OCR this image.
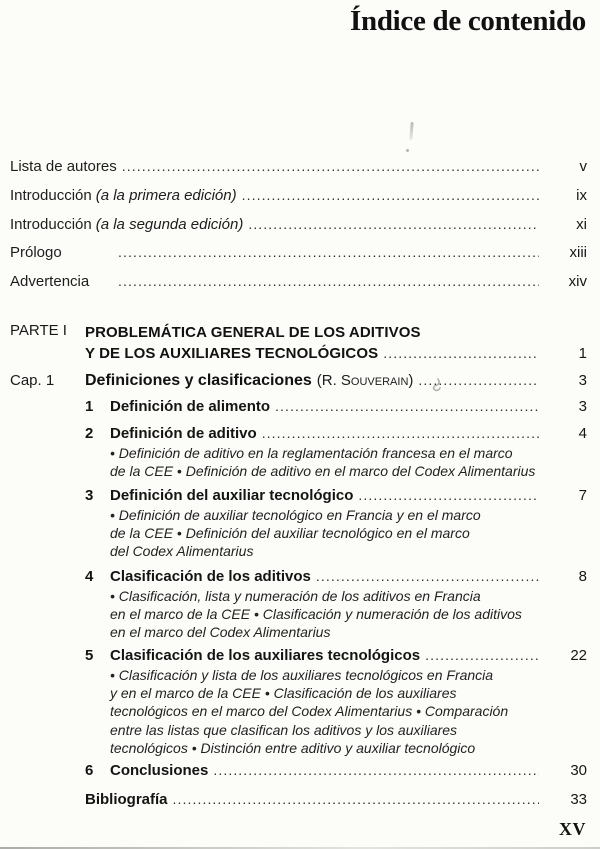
Índice de contenido
Lista de autores .....	v
Introducción (a la primera edición) .....	ix
Introducción (a la segunda edición) .....	xi
Prólogo .....	xiii
Advertencia .....	xiv
PARTE I	PROBLEMÁTICA GENERAL DE LOS ADITIVOS
Y DE LOS AUXILIARES TECNOLÓGICOS .....	1
Cap. 1	Definiciones y clasificaciones (R. Souverain) .....	3
1	Definición de alimento .....	3
2	Definición de aditivo .....	4
• Definición de aditivo en la reglamentación francesa en el marco
de la CEE • Definición de aditivo en el marco del Codex Alimentarius
3	Definición del auxiliar tecnológico .....	7
• Definición de auxiliar tecnológico en Francia y en el marco
de la CEE • Definición del auxiliar tecnológico en el marco
del Codex Alimentarius
4	Clasificación de los aditivos .....	8
• Clasificación, lista y numeración de los aditivos en Francia
en el marco de la CEE • Clasificación y numeración de los aditivos
en el marco del Codex Alimentarius
5	Clasificación de los auxiliares tecnológicos .....	22
• Clasificación y lista de los auxiliares tecnológicos en Francia
y en el marco de la CEE • Clasificación de los auxiliares
tecnológicos en el marco del Codex Alimentarius • Comparación
entre las listas que clasifican los aditivos y los auxiliares
tecnológicos • Distinción entre aditivo y auxiliar tecnológico
6	Conclusiones .....	30
Bibliografía .....	33
XV
